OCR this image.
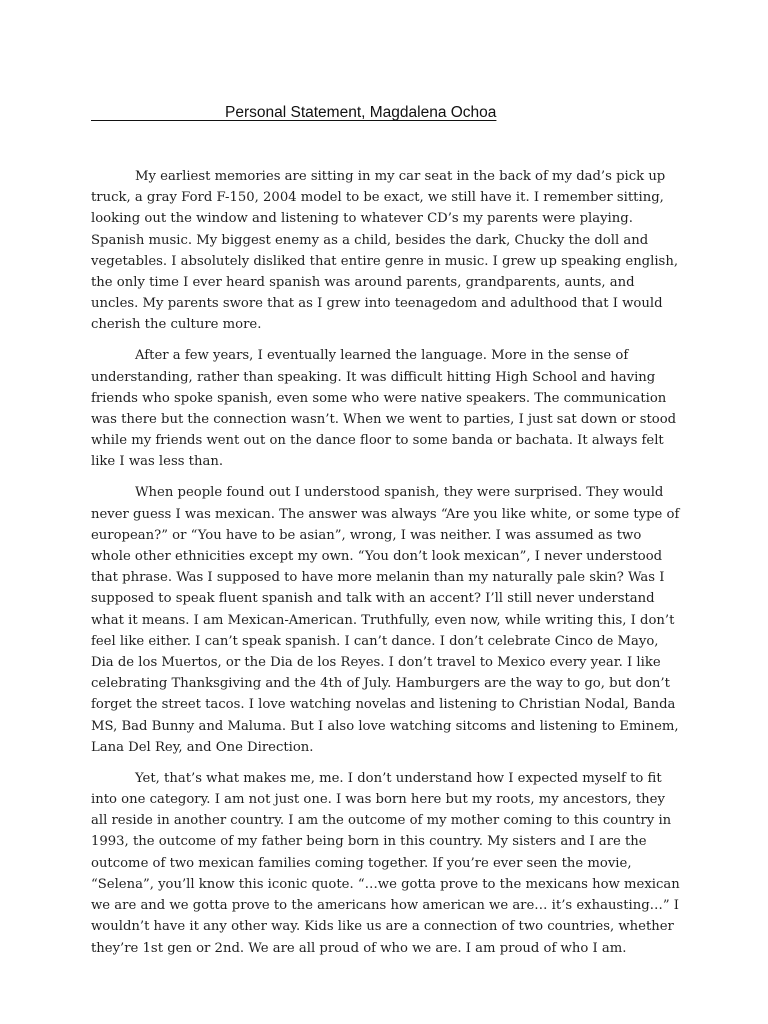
Personal Statement, Magdalena Ochoa

My earliest memories are sitting in my car seat in the back of my dad’s pick up truck, a gray Ford F-150, 2004 model to be exact, we still have it. I remember sitting, looking out the window and listening to whatever CD’s my parents were playing. Spanish music. My biggest enemy as a child, besides the dark, Chucky the doll and vegetables. I absolutely disliked that entire genre in music. I grew up speaking english, the only time I ever heard spanish was around parents, grandparents, aunts, and uncles. My parents swore that as I grew into teenagedom and adulthood that I would cherish the culture more.

After a few years, I eventually learned the language. More in the sense of understanding, rather than speaking. It was difficult hitting High School and having friends who spoke spanish, even some who were native speakers. The communication was there but the connection wasn’t. When we went to parties, I just sat down or stood while my friends went out on the dance floor to some banda or bachata. It always felt like I was less than.

When people found out I understood spanish, they were surprised. They would never guess I was mexican. The answer was always “Are you like white, or some type of european?” or “You have to be asian”, wrong, I was neither. I was assumed as two whole other ethnicities except my own. “You don’t look mexican”, I never understood that phrase. Was I supposed to have more melanin than my naturally pale skin? Was I supposed to speak fluent spanish and talk with an accent? I’ll still never understand what it means. I am Mexican-American. Truthfully, even now, while writing this, I don’t feel like either. I can’t speak spanish. I can’t dance. I don’t celebrate Cinco de Mayo, Dia de los Muertos, or the Dia de los Reyes. I don’t travel to Mexico every year. I like celebrating Thanksgiving and the 4th of July. Hamburgers are the way to go, but don’t forget the street tacos. I love watching novelas and listening to Christian Nodal, Banda MS, Bad Bunny and Maluma. But I also love watching sitcoms and listening to Eminem, Lana Del Rey, and One Direction.

Yet, that’s what makes me, me. I don’t understand how I expected myself to fit into one category. I am not just one. I was born here but my roots, my ancestors, they all reside in another country. I am the outcome of my mother coming to this country in 1993, the outcome of my father being born in this country. My sisters and I are the outcome of two mexican families coming together. If you’re ever seen the movie, “Selena”, you’ll know this iconic quote. “…we gotta prove to the mexicans how mexican we are and we gotta prove to the americans how american we are… it’s exhausting…” I wouldn’t have it any other way. Kids like us are a connection of two countries, whether they’re 1st gen or 2nd. We are all proud of who we are. I am proud of who I am.
